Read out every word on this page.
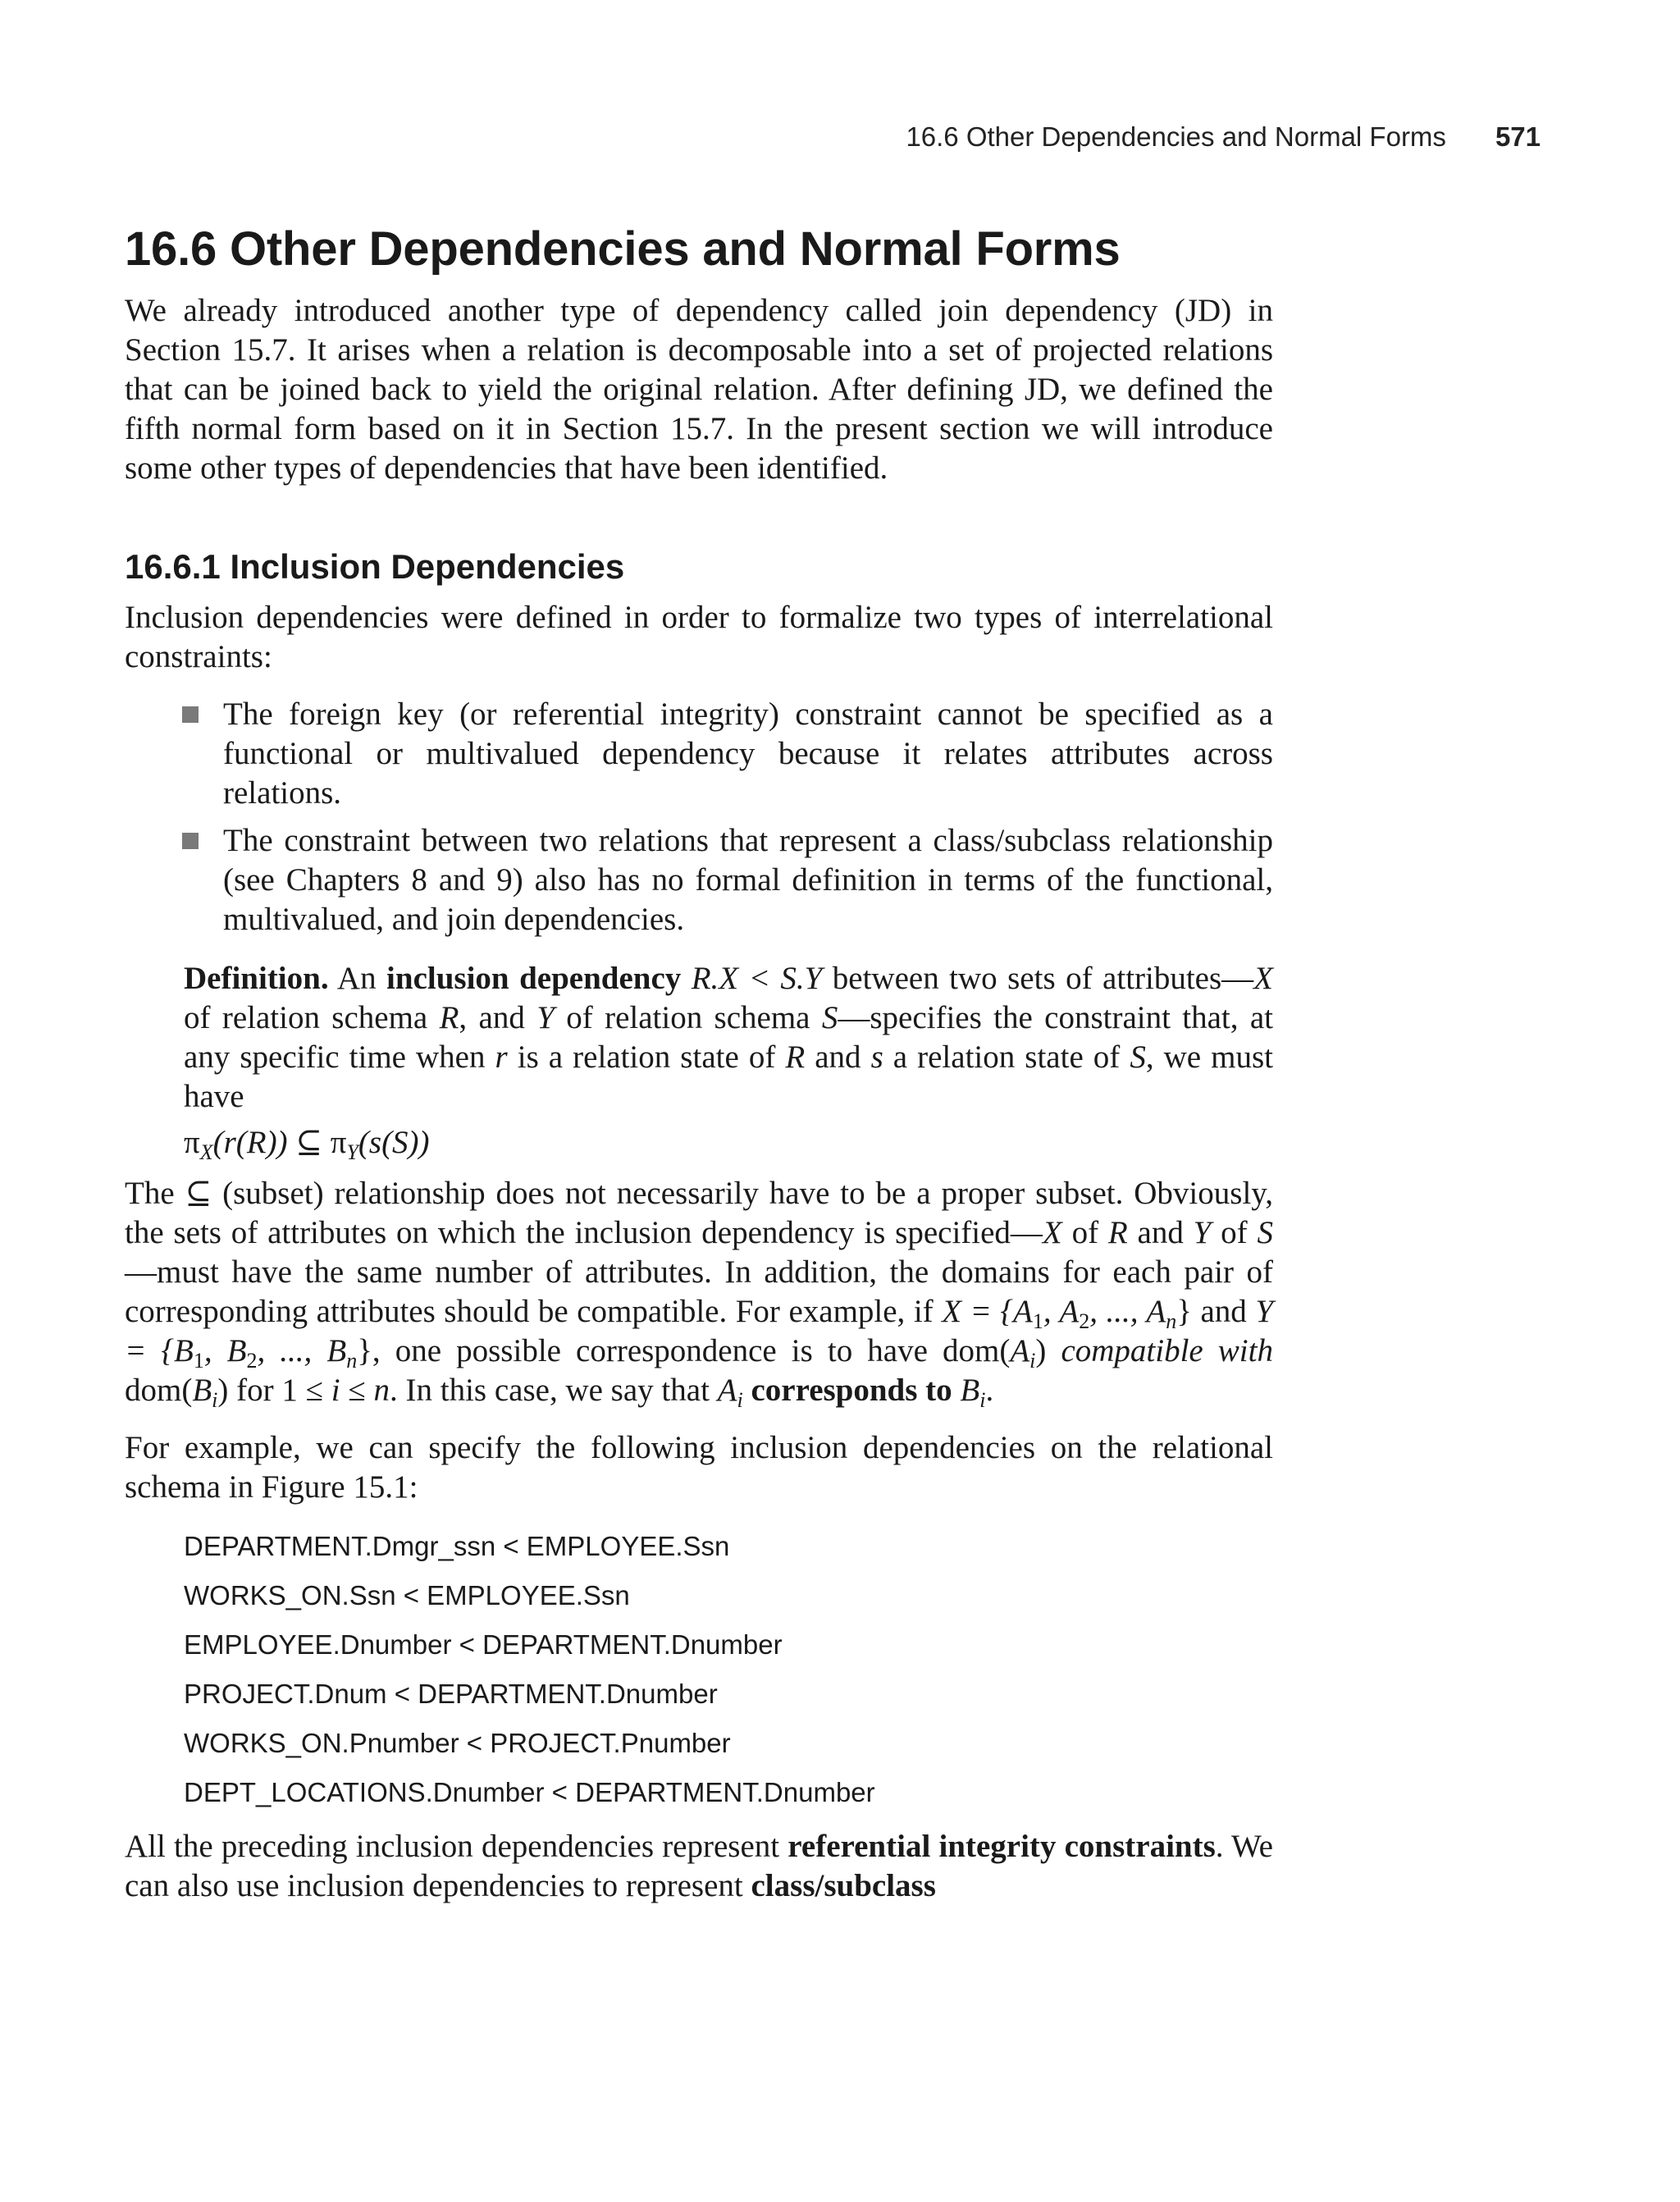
16.6 Other Dependencies and Normal Forms 571
16.6 Other Dependencies and Normal Forms

We already introduced another type of dependency called join dependency (JD) in Section 15.7. It arises when a relation is decomposable into a set of projected relations that can be joined back to yield the original relation. After defining JD, we defined the fifth normal form based on it in Section 15.7. In the present section we will introduce some other types of dependencies that have been identified.

16.6.1 Inclusion Dependencies

Inclusion dependencies were defined in order to formalize two types of interrelational constraints:

The foreign key (or referential integrity) constraint cannot be specified as a functional or multivalued dependency because it relates attributes across relations.
The constraint between two relations that represent a class/subclass relationship (see Chapters 8 and 9) also has no formal definition in terms of the functional, multivalued, and join dependencies.

Definition. An inclusion dependency R.X < S.Y between two sets of attributes—X of relation schema R, and Y of relation schema S—specifies the constraint that, at any specific time when r is a relation state of R and s a relation state of S, we must have

$\pi_X(r(R))$ ⊆ $\pi_Y(s(S))$

The ⊆ (subset) relationship does not necessarily have to be a proper subset. Obviously, the sets of attributes on which the inclusion dependency is specified—X of R and Y of S—must have the same number of attributes. In addition, the domains for each pair of corresponding attributes should be compatible. For example, if $X = \{A_1$, $A_2$, ..., $A_n$} and $Y = \{B_1$, $B_2$, ..., $B_n$}, one possible correspondence is to have $dom(A_i)$ compatible with $dom(B_i)$ for 1 ≤ i ≤ n. In this case, we say that $A_i$ corresponds to $B_i$.

For example, we can specify the following inclusion dependencies on the relational schema in Figure 15.1:

DEPARTMENT.Dmgr_ssn < EMPLOYEE.Ssn
WORKS_ON.Ssn < EMPLOYEE.Ssn
EMPLOYEE.Dnumber < DEPARTMENT.Dnumber
PROJECT.Dnum < DEPARTMENT.Dnumber
WORKS_ON.Pnumber < PROJECT.Pnumber
DEPT_LOCATIONS.Dnumber < DEPARTMENT.Dnumber

All the preceding inclusion dependencies represent referential integrity constraints. We can also use inclusion dependencies to represent class/subclass
